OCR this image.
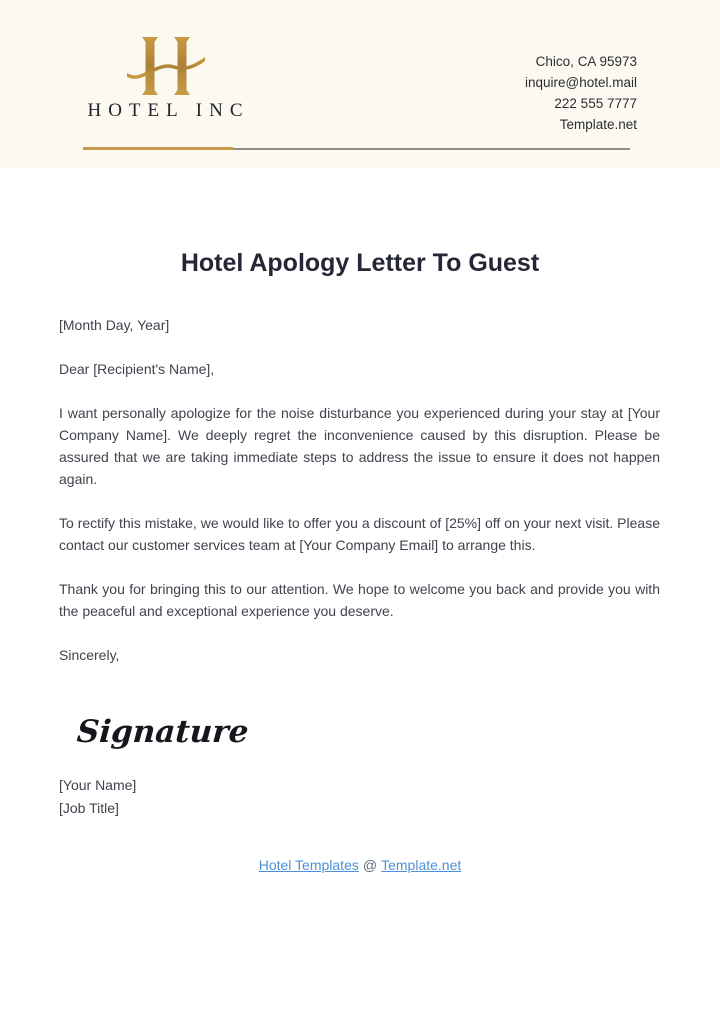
HOTEL INC
Chico, CA 95973
inquire@hotel.mail
222 555 7777
Template.net
Hotel Apology Letter To Guest

[Month Day, Year]

Dear [Recipient's Name],

I want personally apologize for the noise disturbance you experienced during your stay at [Your Company Name]. We deeply regret the inconvenience caused by this disruption. Please be assured that we are taking immediate steps to address the issue to ensure it does not happen again.

To rectify this mistake, we would like to offer you a discount of [25%] off on your next visit. Please contact our customer services team at [Your Company Email] to arrange this.

Thank you for bringing this to our attention. We hope to welcome you back and provide you with the peaceful and exceptional experience you deserve.

Sincerely,

Signature
[Your Name]
[Job Title]
Hotel Templates @ Template.net
